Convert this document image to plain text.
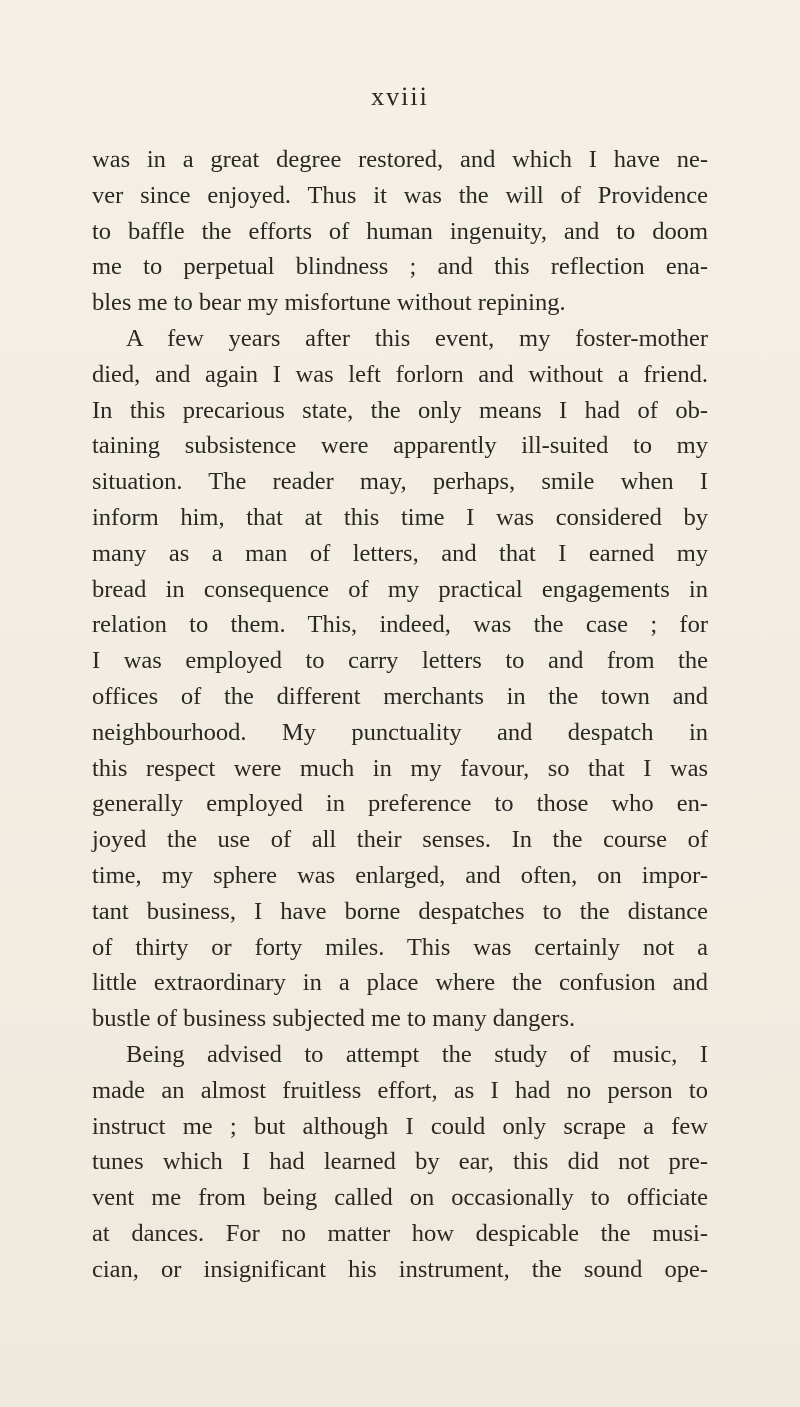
xviii
was in a great degree restored, and which I have ne-
ver since enjoyed. Thus it was the will of Providence
to baffle the efforts of human ingenuity, and to doom
me to perpetual blindness ; and this reflection ena-
bles me to bear my misfortune without repining.
A few years after this event, my foster-mother
died, and again I was left forlorn and without a friend.
In this precarious state, the only means I had of ob-
taining subsistence were apparently ill-suited to my
situation. The reader may, perhaps, smile when I
inform him, that at this time I was considered by
many as a man of letters, and that I earned my
bread in consequence of my practical engagements in
relation to them. This, indeed, was the case ; for
I was employed to carry letters to and from the
offices of the different merchants in the town and
neighbourhood. My punctuality and despatch in
this respect were much in my favour, so that I was
generally employed in preference to those who en-
joyed the use of all their senses. In the course of
time, my sphere was enlarged, and often, on impor-
tant business, I have borne despatches to the distance
of thirty or forty miles. This was certainly not a
little extraordinary in a place where the confusion and
bustle of business subjected me to many dangers.
Being advised to attempt the study of music, I
made an almost fruitless effort, as I had no person to
instruct me ; but although I could only scrape a few
tunes which I had learned by ear, this did not pre-
vent me from being called on occasionally to officiate
at dances. For no matter how despicable the musi-
cian, or insignificant his instrument, the sound ope-
